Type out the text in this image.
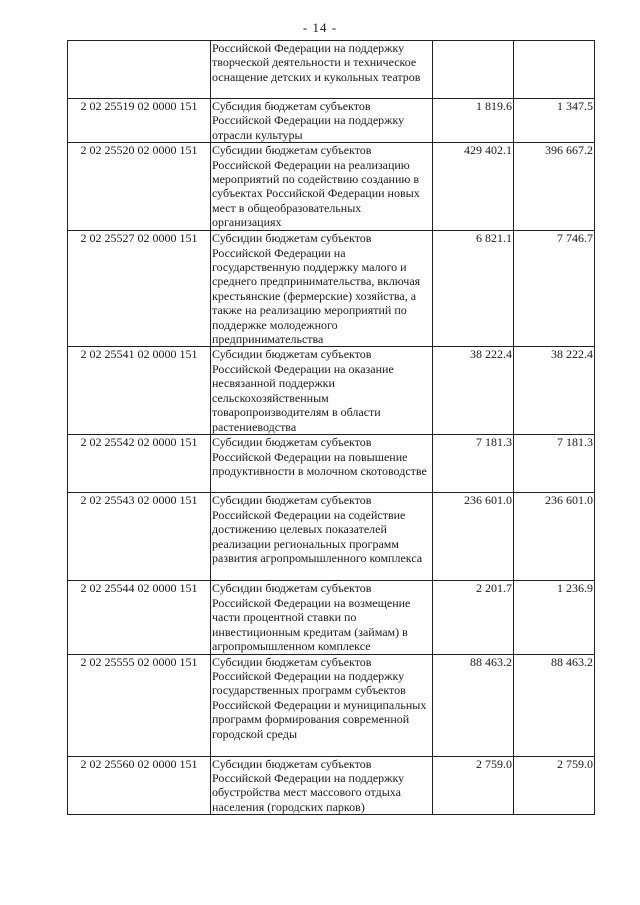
- 14 -
	Российской Федерации на поддержку творческой деятельности и техническое оснащение детских и кукольных театров		
2 02 25519 02 0000 151	Субсидия бюджетам субъектов Российской Федерации на поддержку отрасли культуры	1 819.6	1 347.5
2 02 25520 02 0000 151	Субсидии бюджетам субъектов Российской Федерации на реализацию мероприятий по содействию созданию в субъектах Российской Федерации новых мест в общеобразовательных организациях	429 402.1	396 667.2
2 02 25527 02 0000 151	Субсидии бюджетам субъектов Российской Федерации на государственную поддержку малого и среднего предпринимательства, включая крестьянские (фермерские) хозяйства, а также на реализацию мероприятий по поддержке молодежного предпринимательства	6 821.1	7 746.7
2 02 25541 02 0000 151	Субсидии бюджетам субъектов Российской Федерации на оказание несвязанной поддержки сельскохозяйственным товаропроизводителям в области растениеводства	38 222.4	38 222.4
2 02 25542 02 0000 151	Субсидии бюджетам субъектов Российской Федерации на повышение продуктивности в молочном скотоводстве	7 181.3	7 181.3
2 02 25543 02 0000 151	Субсидии бюджетам субъектов Российской Федерации на содействие достижению целевых показателей реализации региональных программ развития агропромышленного комплекса	236 601.0	236 601.0
2 02 25544 02 0000 151	Субсидии бюджетам субъектов Российской Федерации на возмещение части процентной ставки по инвестиционным кредитам (займам) в агропромышленном комплексе	2 201.7	1 236.9
2 02 25555 02 0000 151	Субсидии бюджетам субъектов Российской Федерации на поддержку государственных программ субъектов Российской Федерации и муниципальных программ формирования современной городской среды	88 463.2	88 463.2
2 02 25560 02 0000 151	Субсидии бюджетам субъектов Российской Федерации на поддержку обустройства мест массового отдыха населения (городских парков)	2 759.0	2 759.0
